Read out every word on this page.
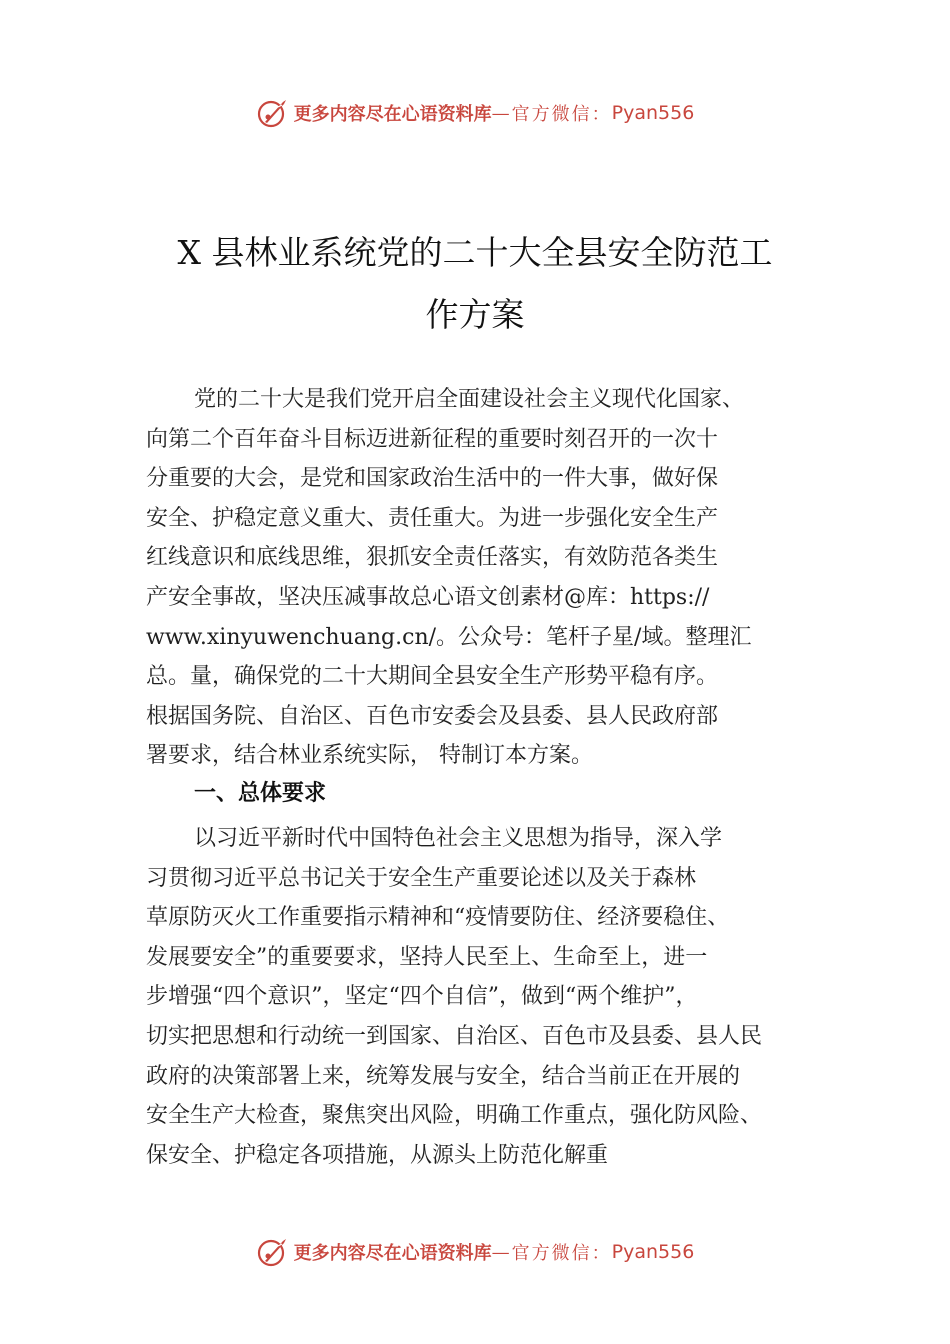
更多内容尽在心语资料库 — 官方微信： Pyan556
X 县林业系统党的二十大全县安全防范工
作方案
党的二十大是我们党开启全面建设社会主义现代化国家、
向第二个百年奋斗目标迈进新征程的重要时刻召开的一次十
分重要的大会，是党和国家政治生活中的一件大事，做好保
安全、护稳定意义重大、责任重大。为进一步强化安全生产
红线意识和底线思维，狠抓安全责任落实，有效防范各类生
产安全事故，坚决压减事故总心语文创素材@库：https://
www.xinyuwenchuang.cn/。公众号：笔杆子星/域。整理汇
总。量，确保党的二十大期间全县安全生产形势平稳有序。
根据国务院、自治区、百色市安委会及县委、县人民政府部
署要求，结合林业系统实际， 特制订本方案。
一、总体要求
以习近平新时代中国特色社会主义思想为指导，深入学
习贯彻习近平总书记关于安全生产重要论述以及关于森林
草原防灭火工作重要指示精神和“疫情要防住、经济要稳住、
发展要安全”的重要要求，坚持人民至上、生命至上，进一
步增强“四个意识”，坚定“四个自信”，做到“两个维护”，
切实把思想和行动统一到国家、自治区、百色市及县委、县人民
政府的决策部署上来，统筹发展与安全，结合当前正在开展的
安全生产大检查，聚焦突出风险，明确工作重点，强化防风险、
保安全、护稳定各项措施，从源头上防范化解重
更多内容尽在心语资料库 — 官方微信： Pyan556
